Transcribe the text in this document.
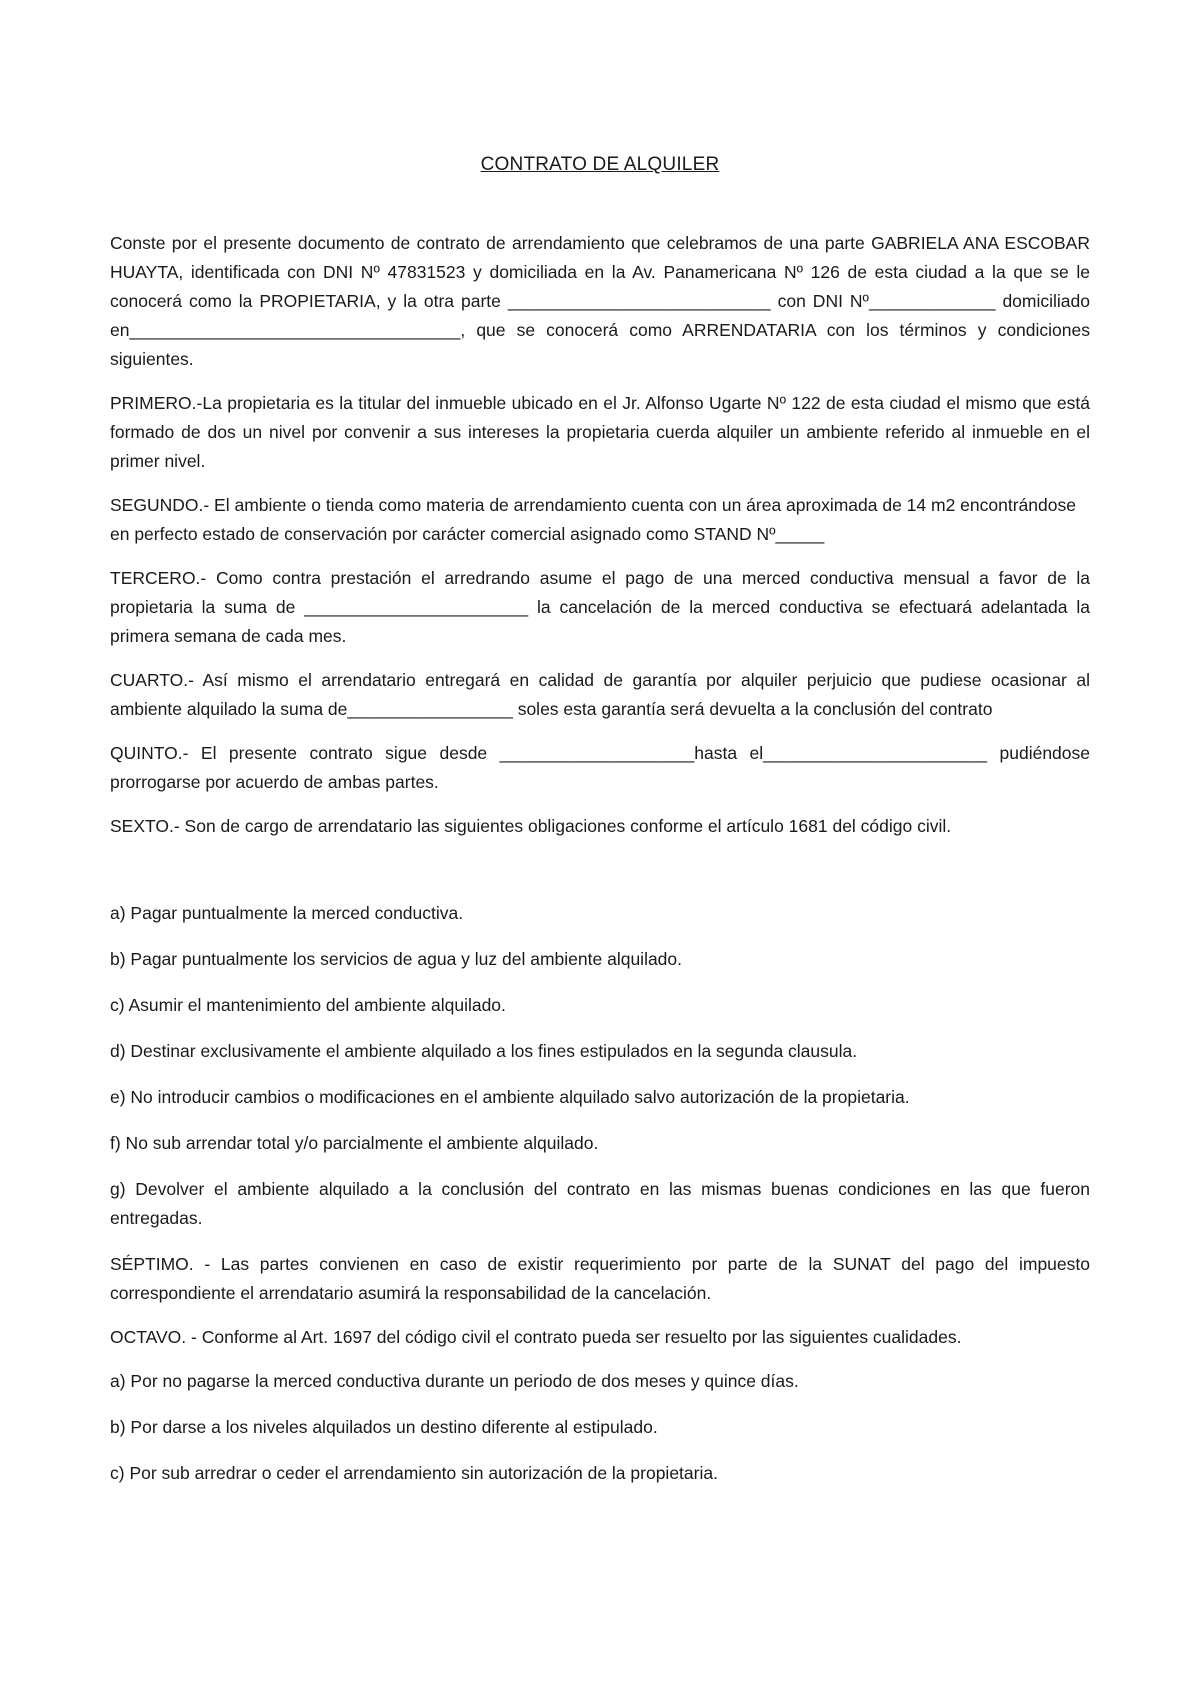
CONTRATO DE ALQUILER

Conste por el presente documento de contrato de arrendamiento que celebramos de una parte GABRIELA ANA ESCOBAR HUAYTA, identificada con DNI Nº 47831523 y domiciliada en la Av. Panamericana Nº 126 de esta ciudad a la que se le conocerá como la PROPIETARIA, y la otra parte ___________________________ con DNI Nº_____________ domiciliado en__________________________________, que se conocerá como ARRENDATARIA con los términos y condiciones siguientes.

PRIMERO.-La propietaria es la titular del inmueble ubicado en el Jr. Alfonso Ugarte Nº 122 de esta ciudad el mismo que está formado de dos un nivel por convenir a sus intereses la propietaria cuerda alquiler un ambiente referido al inmueble en el primer nivel.

SEGUNDO.- El ambiente o tienda como materia de arrendamiento cuenta con un área aproximada de 14 m2 encontrándose en perfecto estado de conservación por carácter comercial asignado como STAND Nº_____

TERCERO.- Como contra prestación el arredrando asume el pago de una merced conductiva mensual a favor de la propietaria la suma de _______________________ la cancelación de la merced conductiva se efectuará adelantada la primera semana de cada mes.

CUARTO.- Así mismo el arrendatario entregará en calidad de garantía por alquiler perjuicio que pudiese ocasionar al ambiente alquilado la suma de_________________ soles esta garantía será devuelta a la conclusión del contrato

QUINTO.- El presente contrato sigue desde ____________________hasta el_______________________ pudiéndose prorrogarse por acuerdo de ambas partes.

SEXTO.- Son de cargo de arrendatario las siguientes obligaciones conforme el artículo 1681 del código civil.

a) Pagar puntualmente la merced conductiva.

b) Pagar puntualmente los servicios de agua y luz del ambiente alquilado.

c) Asumir el mantenimiento del ambiente alquilado.

d) Destinar exclusivamente el ambiente alquilado a los fines estipulados en la segunda clausula.

e) No introducir cambios o modificaciones en el ambiente alquilado salvo autorización de la propietaria.

f) No sub arrendar total y/o parcialmente el ambiente alquilado.

g) Devolver el ambiente alquilado a la conclusión del contrato en las mismas buenas condiciones en las que fueron entregadas.

SÉPTIMO. - Las partes convienen en caso de existir requerimiento por parte de la SUNAT del pago del impuesto correspondiente el arrendatario asumirá la responsabilidad de la cancelación.

OCTAVO. - Conforme al Art. 1697 del código civil el contrato pueda ser resuelto por las siguientes cualidades.

a) Por no pagarse la merced conductiva durante un periodo de dos meses y quince días.

b) Por darse a los niveles alquilados un destino diferente al estipulado.

c) Por sub arredrar o ceder el arrendamiento sin autorización de la propietaria.
